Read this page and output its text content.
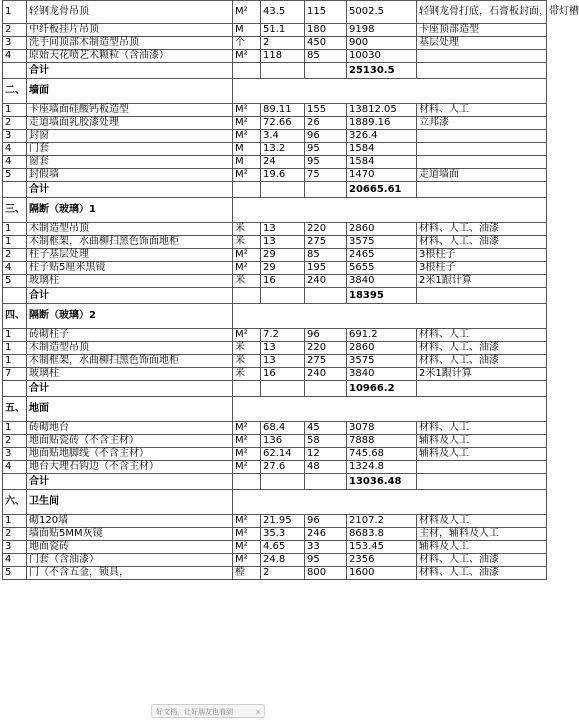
1	轻钢龙骨吊顶	M²	43.5	115	5002.5	轻钢龙骨打底，石膏板封面，带灯槽
2	中纤板挂片吊顶	M	51.1	180	9198	卡座顶部造型
3	洗手间顶部木制造型吊顶	个	2	450	900	基层处理
4	原始天花喷艺术颗粒（含油漆）	M²	118	85	10030	
	合计				25130.5	
二、	墙面					
1	卡座墙面硅酸钙板造型	M²	89.11	155	13812.05	材料、人工
2	走道墙面乳胶漆处理	M²	72.66	26	1889.16	立邦漆
3	封窗	M²	3.4	96	326.4	
4	门套	M	13.2	95	1584	
4	窗套	M	24	95	1584	
5	封假墙	M²	19.6	75	1470	走道墙面
	合计				20665.61	
三、	隔断（玻璃）1					
1	木制造型吊顶	米	13	220	2860	材料、人工、油漆
1	木制框架，水曲柳扫黑色饰面地柜	米	13	275	3575	材料、人工、油漆
2	柱子基层处理	M²	29	85	2465	3根柱子
4	柱子贴5厘米黑镜	M²	29	195	5655	3根柱子
5	玻璃柱	米	16	240	3840	2米1跟计算
	合计				18395	
四、	隔断（玻璃）2					
1	砖砌柱子	M²	7.2	96	691.2	材料、人工
1	木制造型吊顶	米	13	220	2860	材料、人工、油漆
1	木制框架，水曲柳扫黑色饰面地柜	米	13	275	3575	材料、人工、油漆
7	玻璃柱	米	16	240	3840	2米1跟计算
	合计				10966.2	
五、	地面					
1	砖砌地台	M²	68.4	45	3078	材料、人工
2	地面贴瓷砖（不含主材）	M²	136	58	7888	辅料及人工
3	地面贴地脚线（不含主材）	M²	62.14	12	745.68	辅料及人工
4	地台大理石钩边（不含主材）	M²	27.6	48	1324.8	
	合计				13036.48	
六、	卫生间					
1	砌120墙	M²	21.95	96	2107.2	材料及人工
2	墙面贴5MM灰镜	M²	35.3	246	8683.8	主材，辅料及人工
3	地面瓷砖	M²	4.65	33	153.45	辅料及人工
4	门套（含油漆）	M²	24.8	95	2356	材料、人工、油漆
5	门（不含五金，锁具，	樘	2	800	1600	材料、人工、油漆
好文档，让好朋友也看到	×
